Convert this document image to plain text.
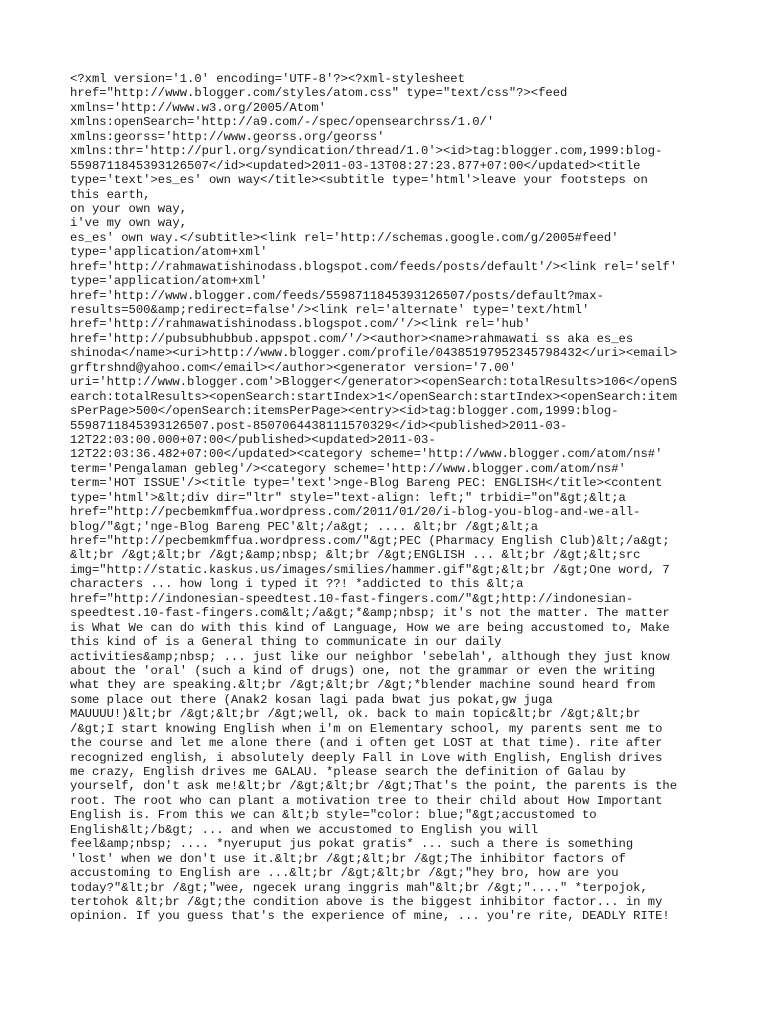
<?xml version='1.0' encoding='UTF-8'?><?xml-stylesheet
href="http://www.blogger.com/styles/atom.css" type="text/css"?><feed
xmlns='http://www.w3.org/2005/Atom'
xmlns:openSearch='http://a9.com/-/spec/opensearchrss/1.0/'
xmlns:georss='http://www.georss.org/georss'
xmlns:thr='http://purl.org/syndication/thread/1.0'><id>tag:blogger.com,1999:blog-
5598711845393126507</id><updated>2011-03-13T08:27:23.877+07:00</updated><title
type='text'>es_es' own way</title><subtitle type='html'>leave your footsteps on
this earth,
on your own way,
i've my own way,
es_es' own way.</subtitle><link rel='http://schemas.google.com/g/2005#feed'
type='application/atom+xml'
href='http://rahmawatishinodass.blogspot.com/feeds/posts/default'/><link rel='self'
type='application/atom+xml'
href='http://www.blogger.com/feeds/5598711845393126507/posts/default?max-
results=500&amp;redirect=false'/><link rel='alternate' type='text/html'
href='http://rahmawatishinodass.blogspot.com/'/><link rel='hub'
href='http://pubsubhubbub.appspot.com/'/><author><name>rahmawati ss aka es_es
shinoda</name><uri>http://www.blogger.com/profile/04385197952345798432</uri><email>
grftrshnd@yahoo.com</email></author><generator version='7.00'
uri='http://www.blogger.com'>Blogger</generator><openSearch:totalResults>106</openS
earch:totalResults><openSearch:startIndex>1</openSearch:startIndex><openSearch:item
sPerPage>500</openSearch:itemsPerPage><entry><id>tag:blogger.com,1999:blog-
5598711845393126507.post-8507064438111570329</id><published>2011-03-
12T22:03:00.000+07:00</published><updated>2011-03-
12T22:03:36.482+07:00</updated><category scheme='http://www.blogger.com/atom/ns#'
term='Pengalaman gebleg'/><category scheme='http://www.blogger.com/atom/ns#'
term='HOT ISSUE'/><title type='text'>nge-Blog Bareng PEC: ENGLISH</title><content
type='html'>&lt;div dir="ltr" style="text-align: left;" trbidi="on"&gt;&lt;a
href="http://pecbemkmffua.wordpress.com/2011/01/20/i-blog-you-blog-and-we-all-
blog/"&gt;'nge-Blog Bareng PEC'&lt;/a&gt; .... &lt;br /&gt;&lt;a
href="http://pecbemkmffua.wordpress.com/"&gt;PEC (Pharmacy English Club)&lt;/a&gt;
&lt;br /&gt;&lt;br /&gt;&amp;nbsp; &lt;br /&gt;ENGLISH ... &lt;br /&gt;&lt;src
img="http://static.kaskus.us/images/smilies/hammer.gif"&gt;&lt;br /&gt;One word, 7
characters ... how long i typed it ??! *addicted to this &lt;a
href="http://indonesian-speedtest.10-fast-fingers.com/"&gt;http://indonesian-
speedtest.10-fast-fingers.com&lt;/a&gt;*&amp;nbsp; it's not the matter. The matter
is What We can do with this kind of Language, How we are being accustomed to, Make
this kind of is a General thing to communicate in our daily
activities&amp;nbsp; ... just like our neighbor 'sebelah', although they just know
about the 'oral' (such a kind of drugs) one, not the grammar or even the writing
what they are speaking.&lt;br /&gt;&lt;br /&gt;*blender machine sound heard from
some place out there (Anak2 kosan lagi pada bwat jus pokat,gw juga
MAUUUU!)&lt;br /&gt;&lt;br /&gt;well, ok. back to main topic&lt;br /&gt;&lt;br
/&gt;I start knowing English when i'm on Elementary school, my parents sent me to
the course and let me alone there (and i often get LOST at that time). rite after
recognized english, i absolutely deeply Fall in Love with English, English drives
me crazy, English drives me GALAU. *please search the definition of Galau by
yourself, don't ask me!&lt;br /&gt;&lt;br /&gt;That's the point, the parents is the
root. The root who can plant a motivation tree to their child about How Important
English is. From this we can &lt;b style="color: blue;"&gt;accustomed to
English&lt;/b&gt; ... and when we accustomed to English you will
feel&amp;nbsp; .... *nyeruput jus pokat gratis* ... such a there is something
'lost' when we don't use it.&lt;br /&gt;&lt;br /&gt;The inhibitor factors of
accustoming to English are ...&lt;br /&gt;&lt;br /&gt;"hey bro, how are you
today?"&lt;br /&gt;"wee, ngecek urang inggris mah"&lt;br /&gt;"...." *terpojok,
tertohok &lt;br /&gt;the condition above is the biggest inhibitor factor... in my
opinion. If you guess that's the experience of mine, ... you're rite, DEADLY RITE!
